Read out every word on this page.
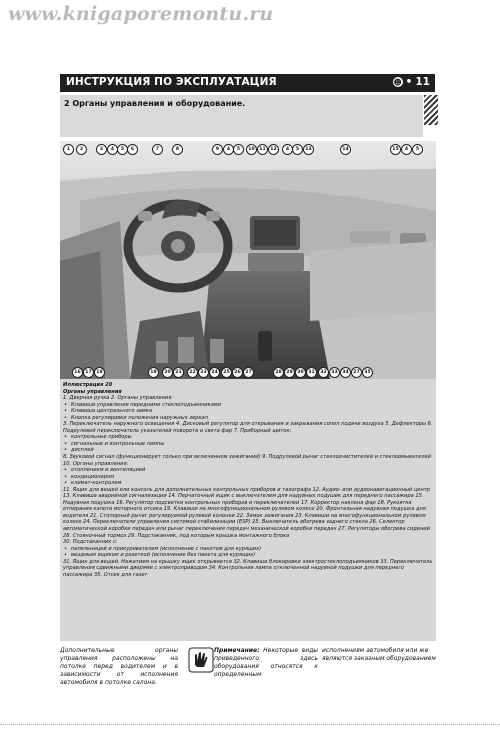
www.knigaporemontu.ru
ИНСТРУКЦИЯ ПО ЭКСПЛУАТАЦИЯ	☻ • 11
2 Органы управления и оборудование.
1	2	3	4	5	6	7	8	9	4	5	10 11 12	4	5	13	14	15	4	5
16 17 18	19	20 21	22 23 24	25 26 27	28 29 30 31	32 33 34 27 35

Иллюстрация 20

Органы управления

1. Дверная ручка 2. Органы управления:

• Клавиши управления передними стеклоподъемниками

• Клавиша центрального замка

• Кнопка регулировки положения наружных зеркал

3. Переключатель наружного освещения 4. Дисковый регулятор для открывания и закрывания сопел подачи воздуха 5. Дефлекторы 6. Подрулевой переключатель указателей поворота и света фар 7. Приборный щиток:

• контрольные приборы

• сигнальные и контрольные лампы

• дисплей

8. Звуковой сигнал (функционирует только при включенном зажигании) 9. Подрулевой рычаг стеклоочистителей и стеклоомывателей

10. Органы управления:

• отоплением и вентиляцией

• кондиционером

• климат-контролем

11. Ящик для вещей или консоль для дополнительных контрольных приборов и тахографа 12. Аудио- или аудионавигационный центр 13. Клавиша аварийной сигнализации 14. Перчаточный ящик с выключателем для надувных подушек для переднего пассажира 15. Надувная подушка 16. Регулятор подсветки контрольных приборов и переключателей 17. Корректор наклона фар 18. Рукоятка отпирания капота моторного отсека 19. Клавиши на многофункциональном рулевом колесе 20. Фронтальная надувная подушка для водителя 21. Стопорный рычаг регулируемой рулевой колонки 22. Замок зажигания 23. Клавиши на многофункциональном рулевом колесе 24. Переключатели управления системой стабилизации (ESP) 25. Выключатель обогрева заднего стекла 26. Селектор автоматической коробки передач или рычаг переключения передач механической коробки передач 27. Регуляторы обогрева сидений 28. Стояночный тормоз 29. Подстаканник, под которым крышка монтажного блока

30. Подстаканник с:

• пепельницей и прикуривателем (исполнение с пакетом для курящих)

• вещевым ящиком и розеткой (исполнение без пакета для курящих)

31. Ящик для вещей. Нажатием на крышку ящик открывается 32. Клавиши блокировки электростеклоподъемников 33. Переключатель управления сдвижными дверями с электроприводом 34. Контрольная лампа отключенной надувной подушки для переднего пассажира 35. Отсек для газет

Дополнительные органы управления расположены на потолке перед водителем и в зависимости от исполнения автомобиля в потолке салона.
Примечание: Некоторые виды приведенного здесь оборудования относятся к определенным
исполнениям автомобиля или же являются заказным оборудованием
